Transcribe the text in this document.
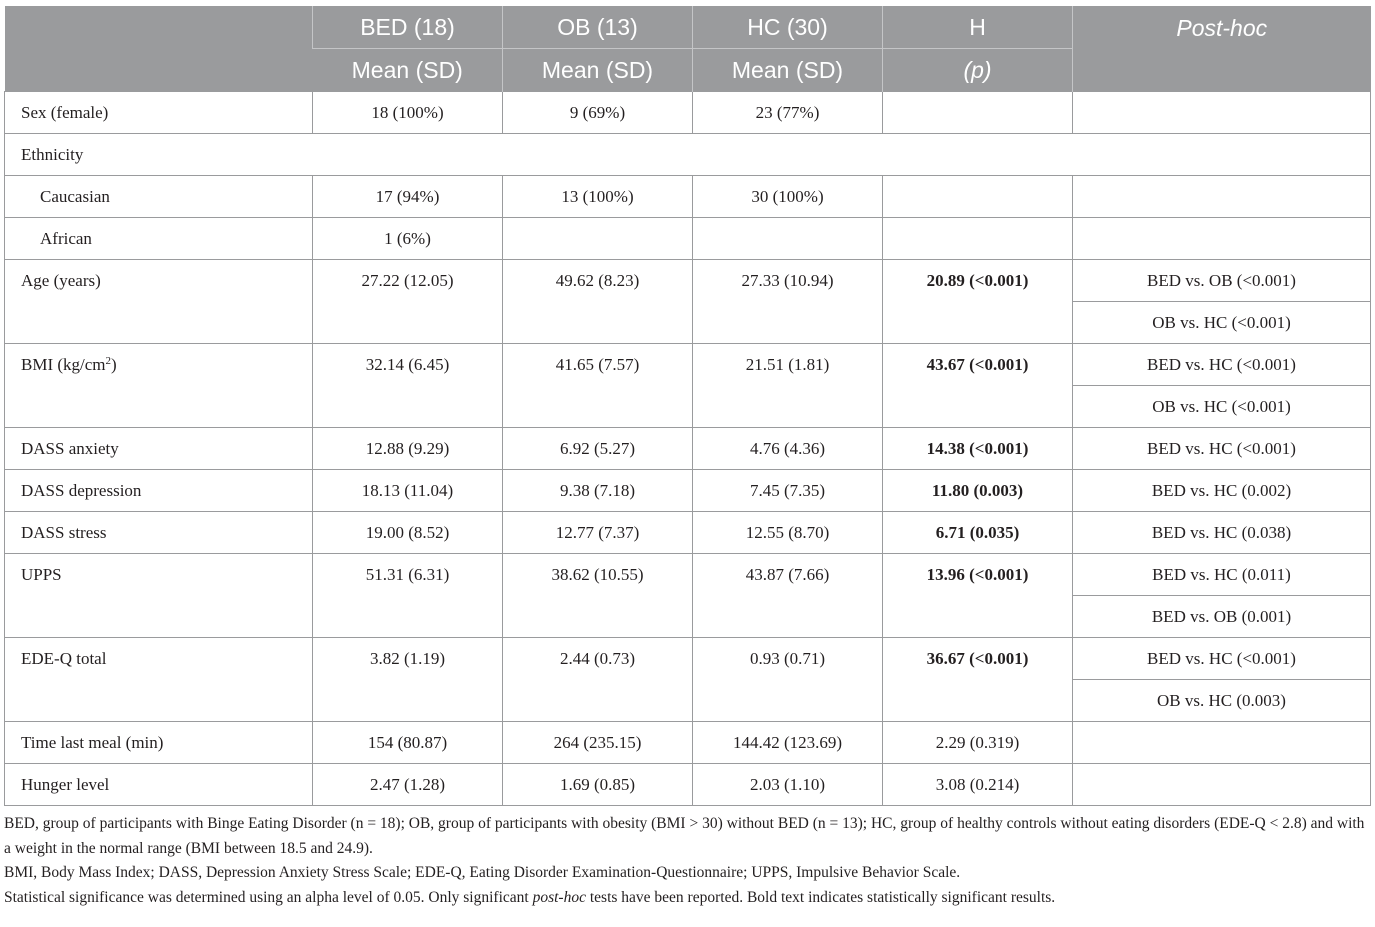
	BED (18)	OB (13)	HC (30)	H	Post-hoc
	Mean (SD)	Mean (SD)	Mean (SD)	(p)	
Sex (female)	18 (100%)	9 (69%)	23 (77%)		
Ethnicity					
Caucasian	17 (94%)	13 (100%)	30 (100%)		
African	1 (6%)				
Age (years)	27.22 (12.05)	49.62 (8.23)	27.33 (10.94)	20.89 (<0.001)	BED vs. OB (<0.001)
					OB vs. HC (<0.001)
BMI $(kg/cm^2)$	32.14 (6.45)	41.65 (7.57)	21.51 (1.81)	43.67 (<0.001)	BED vs. HC (<0.001)
					OB vs. HC (<0.001)
DASS anxiety	12.88 (9.29)	6.92 (5.27)	4.76 (4.36)	14.38 (<0.001)	BED vs. HC (<0.001)
DASS depression	18.13 (11.04)	9.38 (7.18)	7.45 (7.35)	11.80 (0.003)	BED vs. HC (0.002)
DASS stress	19.00 (8.52)	12.77 (7.37)	12.55 (8.70)	6.71 (0.035)	BED vs. HC (0.038)
UPPS	51.31 (6.31)	38.62 (10.55)	43.87 (7.66)	13.96 (<0.001)	BED vs. HC (0.011)
					BED vs. OB (0.001)
EDE-Q total	3.82 (1.19)	2.44 (0.73)	0.93 (0.71)	36.67 (<0.001)	BED vs. HC (<0.001)
					OB vs. HC (0.003)
Time last meal (min)	154 (80.87)	264 (235.15)	144.42 (123.69)	2.29 (0.319)	
Hunger level	2.47 (1.28)	1.69 (0.85)	2.03 (1.10)	3.08 (0.214)	

BED, group of participants with Binge Eating Disorder (n = 18); OB, group of participants with obesity (BMI > 30) without BED (n = 13); HC, group of healthy controls without eating disorders (EDE-Q < 2.8) and with a weight in the normal range (BMI between 18.5 and 24.9).

BMI, Body Mass Index; DASS, Depression Anxiety Stress Scale; EDE-Q, Eating Disorder Examination-Questionnaire; UPPS, Impulsive Behavior Scale.

Statistical significance was determined using an alpha level of 0.05. Only significant post-hoc tests have been reported. Bold text indicates statistically significant results.
